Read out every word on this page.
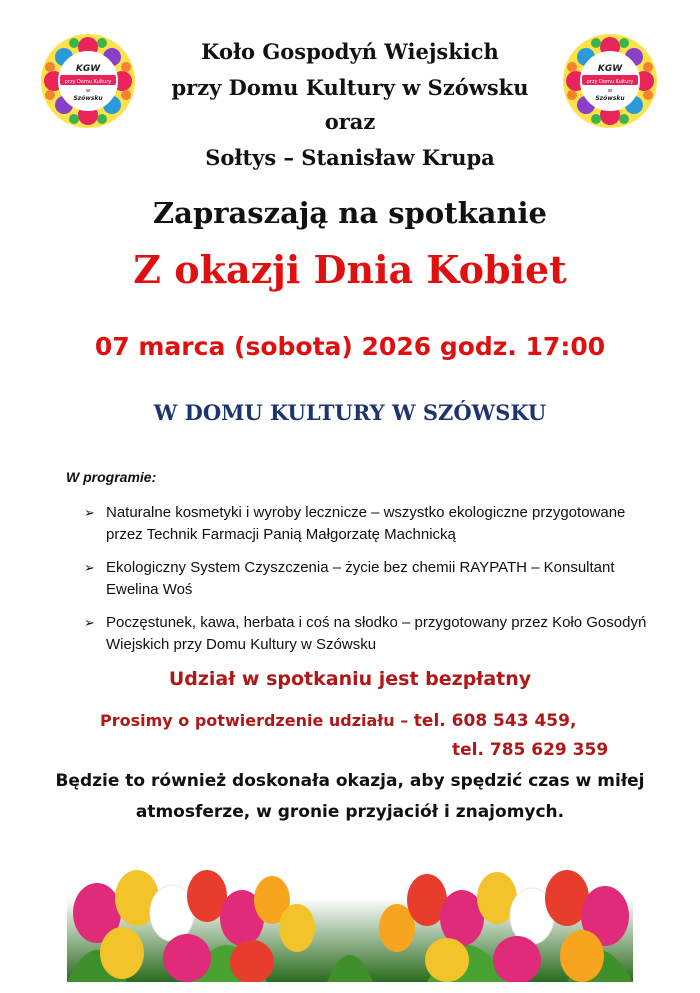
KGW
przy Domu Kultury
w
Szówsku
KGW
przy Domu Kultury
w
Szówsku
Koło Gospodyń Wiejskich
przy Domu Kultury w Szówsku
oraz
Sołtys – Stanisław Krupa
Zapraszają na spotkanie
Z okazji Dnia Kobiet
07 marca (sobota) 2026 godz. 17:00
W DOMU KULTURY W SZÓWSKU
W programie:
➢ Naturalne kosmetyki i wyroby lecznicze – wszystko ekologiczne przygotowane przez Technik Farmacji Panią Małgorzatę Machnicką
➢ Ekologiczny System Czyszczenia – życie bez chemii RAYPATH – Konsultant Ewelina Woś
➢ Poczęstunek, kawa, herbata i coś na słodko – przygotowany przez Koło Gosodyń Wiejskich przy Domu Kultury w Szówsku
Udział w spotkaniu jest bezpłatny
Prosimy o potwierdzenie udziału – tel. 608 543 459,
tel. 785 629 359
Będzie to również doskonała okazja, aby spędzić czas w miłej
atmosferze, w gronie przyjaciół i znajomych.
